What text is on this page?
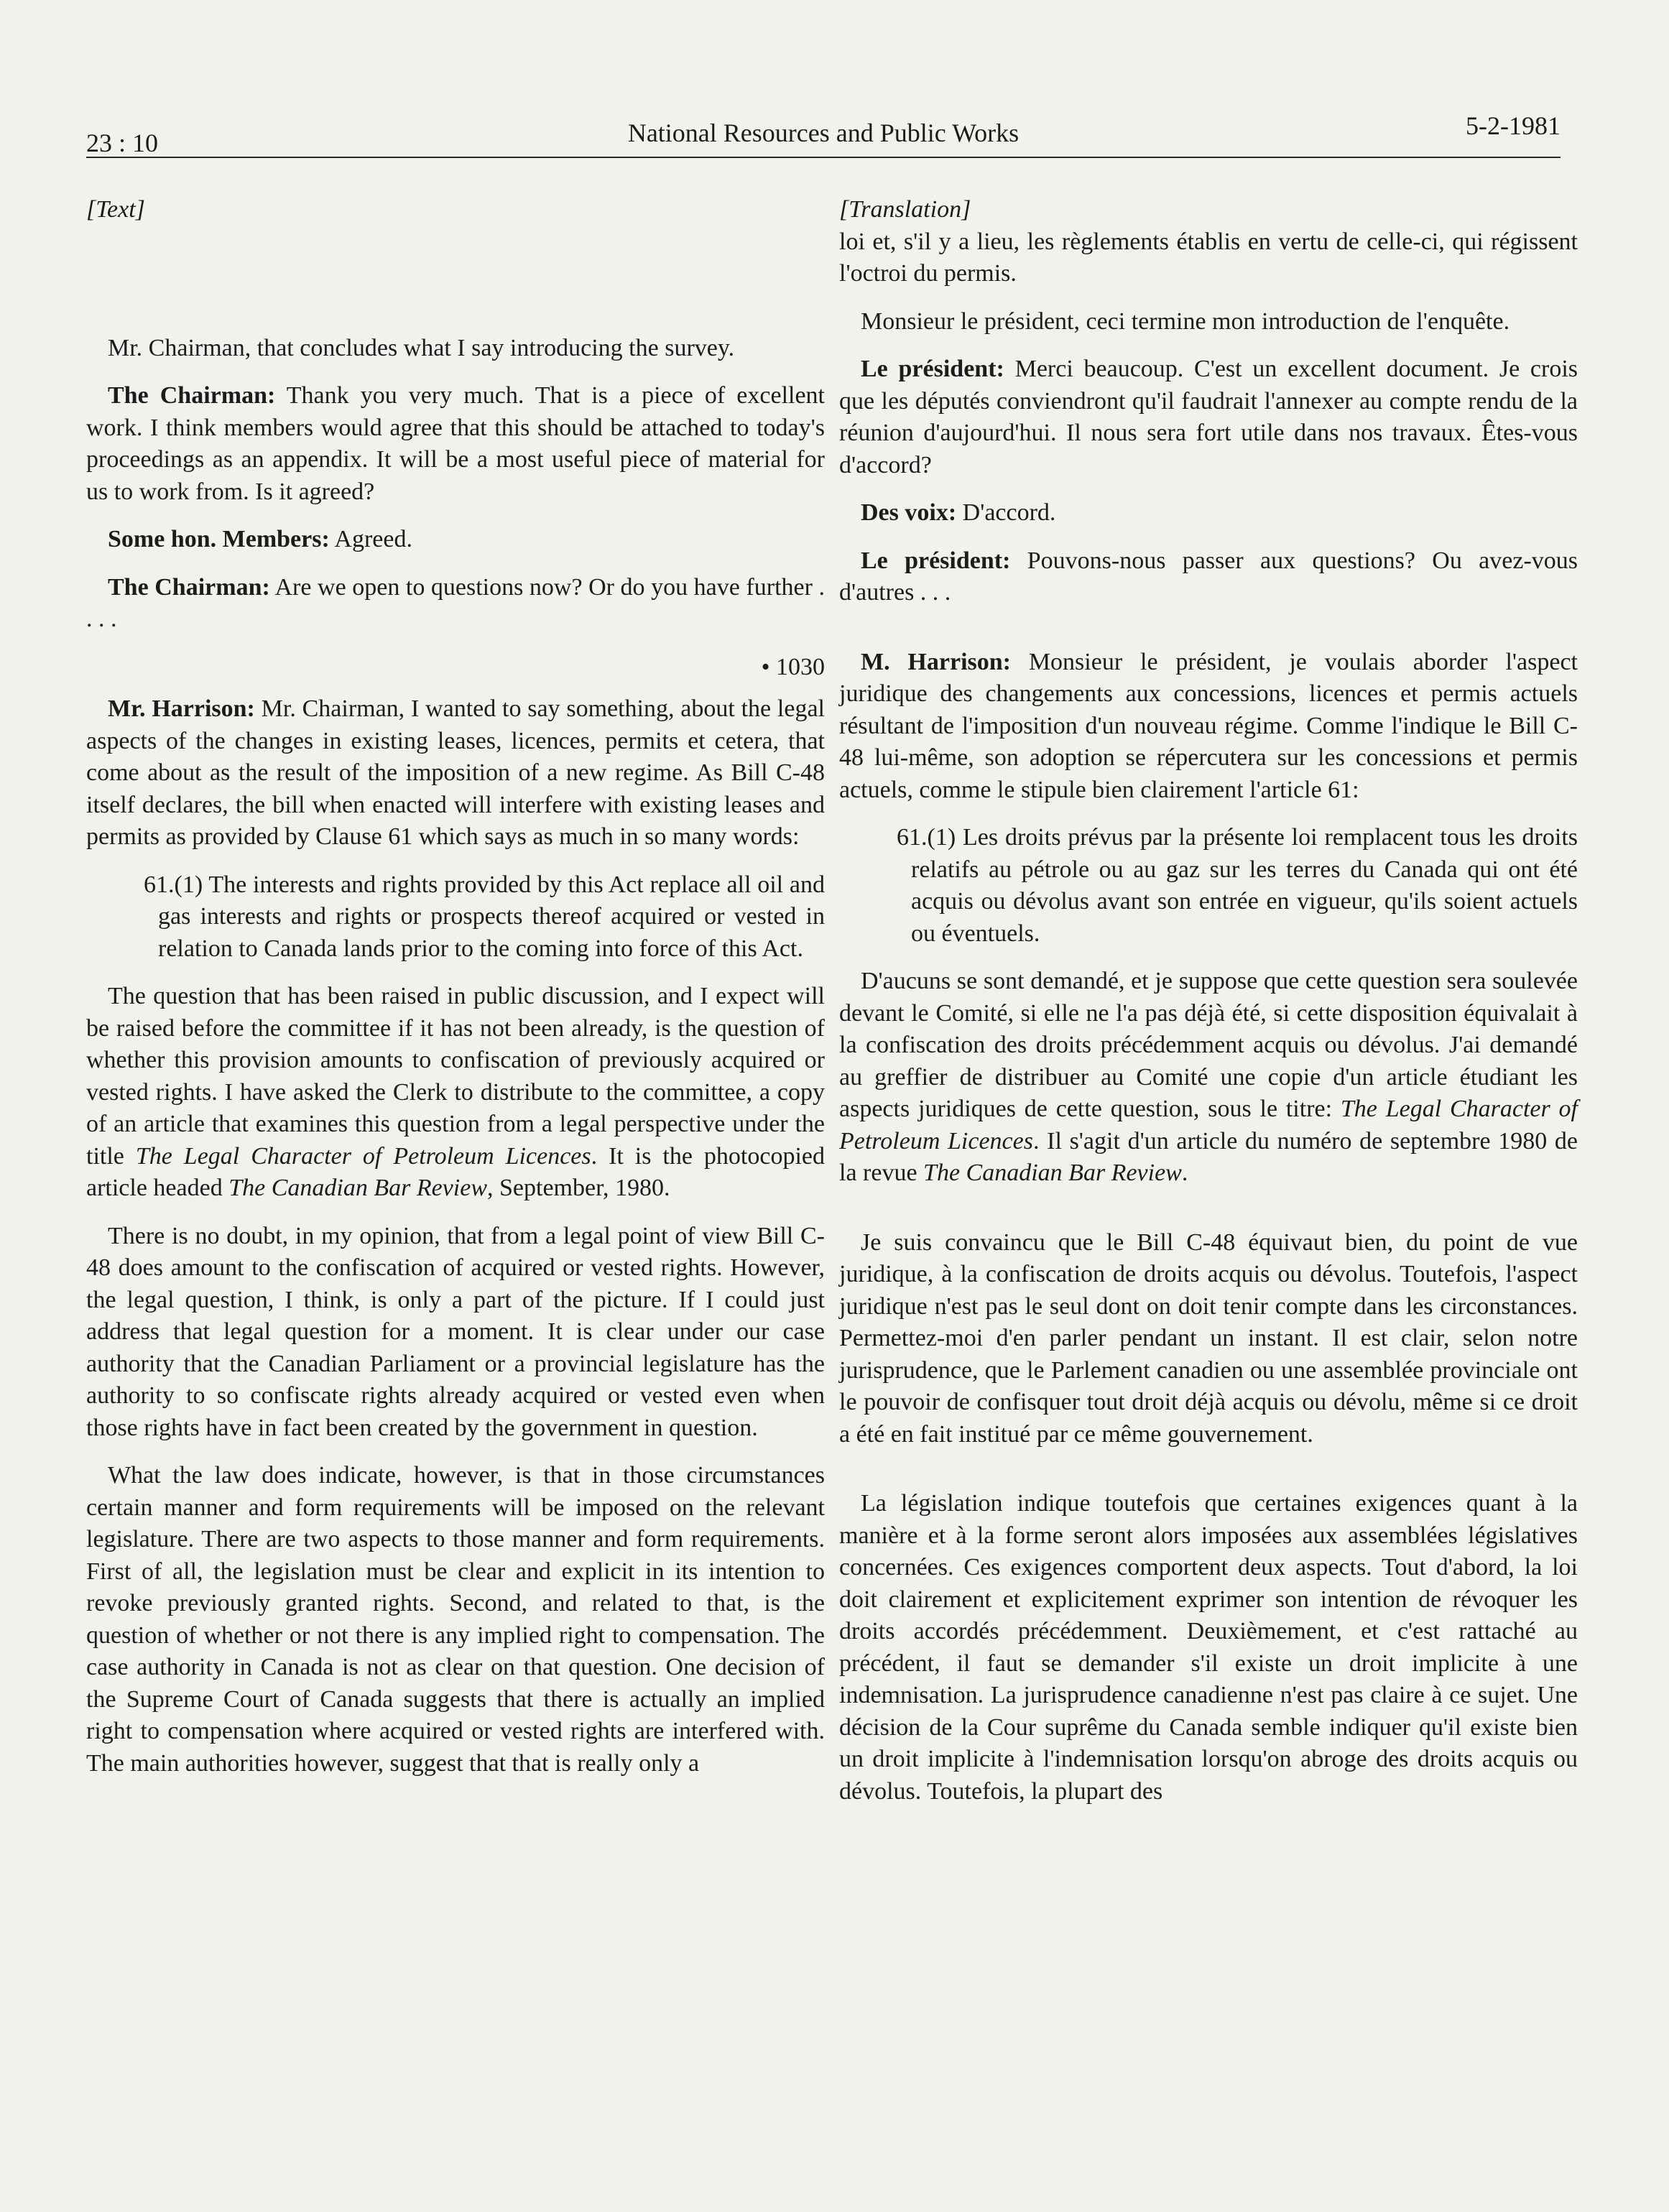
23 : 10	National Resources and Public Works	5-2-1981

[Text]

Mr. Chairman, that concludes what I say introducing the survey.

The Chairman: Thank you very much. That is a piece of excellent work. I think members would agree that this should be attached to today's proceedings as an appendix. It will be a most useful piece of material for us to work from. Is it agreed?

Some hon. Members: Agreed.

The Chairman: Are we open to questions now? Or do you have further . . . .

• 1030

Mr. Harrison: Mr. Chairman, I wanted to say something, about the legal aspects of the changes in existing leases, licences, permits et cetera, that come about as the result of the imposition of a new regime. As Bill C-48 itself declares, the bill when enacted will interfere with existing leases and permits as provided by Clause 61 which says as much in so many words:

61.(1) The interests and rights provided by this Act replace all oil and gas interests and rights or prospects thereof acquired or vested in relation to Canada lands prior to the coming into force of this Act.

The question that has been raised in public discussion, and I expect will be raised before the committee if it has not been already, is the question of whether this provision amounts to confiscation of previously acquired or vested rights. I have asked the Clerk to distribute to the committee, a copy of an article that examines this question from a legal perspective under the title The Legal Character of Petroleum Licences. It is the photocopied article headed The Canadian Bar Review, September, 1980.

There is no doubt, in my opinion, that from a legal point of view Bill C-48 does amount to the confiscation of acquired or vested rights. However, the legal question, I think, is only a part of the picture. If I could just address that legal question for a moment. It is clear under our case authority that the Canadian Parliament or a provincial legislature has the authority to so confiscate rights already acquired or vested even when those rights have in fact been created by the government in question.

What the law does indicate, however, is that in those circumstances certain manner and form requirements will be imposed on the relevant legislature. There are two aspects to those manner and form requirements. First of all, the legislation must be clear and explicit in its intention to revoke previously granted rights. Second, and related to that, is the question of whether or not there is any implied right to compensation. The case authority in Canada is not as clear on that question. One decision of the Supreme Court of Canada suggests that there is actually an implied right to compensation where acquired or vested rights are interfered with. The main authorities however, suggest that that is really only a

[Translation]

loi et, s'il y a lieu, les règlements établis en vertu de celle-ci, qui régissent l'octroi du permis.

Monsieur le président, ceci termine mon introduction de l'enquête.

Le président: Merci beaucoup. C'est un excellent document. Je crois que les députés conviendront qu'il faudrait l'annexer au compte rendu de la réunion d'aujourd'hui. Il nous sera fort utile dans nos travaux. Êtes-vous d'accord?

Des voix: D'accord.

Le président: Pouvons-nous passer aux questions? Ou avez-vous d'autres . . .

M. Harrison: Monsieur le président, je voulais aborder l'aspect juridique des changements aux concessions, licences et permis actuels résultant de l'imposition d'un nouveau régime. Comme l'indique le Bill C-48 lui-même, son adoption se répercutera sur les concessions et permis actuels, comme le stipule bien clairement l'article 61:

61.(1) Les droits prévus par la présente loi remplacent tous les droits relatifs au pétrole ou au gaz sur les terres du Canada qui ont été acquis ou dévolus avant son entrée en vigueur, qu'ils soient actuels ou éventuels.

D'aucuns se sont demandé, et je suppose que cette question sera soulevée devant le Comité, si elle ne l'a pas déjà été, si cette disposition équivalait à la confiscation des droits précédemment acquis ou dévolus. J'ai demandé au greffier de distribuer au Comité une copie d'un article étudiant les aspects juridiques de cette question, sous le titre: The Legal Character of Petroleum Licences. Il s'agit d'un article du numéro de septembre 1980 de la revue The Canadian Bar Review.

Je suis convaincu que le Bill C-48 équivaut bien, du point de vue juridique, à la confiscation de droits acquis ou dévolus. Toutefois, l'aspect juridique n'est pas le seul dont on doit tenir compte dans les circonstances. Permettez-moi d'en parler pendant un instant. Il est clair, selon notre jurisprudence, que le Parlement canadien ou une assemblée provinciale ont le pouvoir de confisquer tout droit déjà acquis ou dévolu, même si ce droit a été en fait institué par ce même gouvernement.

La législation indique toutefois que certaines exigences quant à la manière et à la forme seront alors imposées aux assemblées législatives concernées. Ces exigences comportent deux aspects. Tout d'abord, la loi doit clairement et explicitement exprimer son intention de révoquer les droits accordés précédemment. Deuxièmement, et c'est rattaché au précédent, il faut se demander s'il existe un droit implicite à une indemnisation. La jurisprudence canadienne n'est pas claire à ce sujet. Une décision de la Cour suprême du Canada semble indiquer qu'il existe bien un droit implicite à l'indemnisation lorsqu'on abroge des droits acquis ou dévolus. Toutefois, la plupart des
